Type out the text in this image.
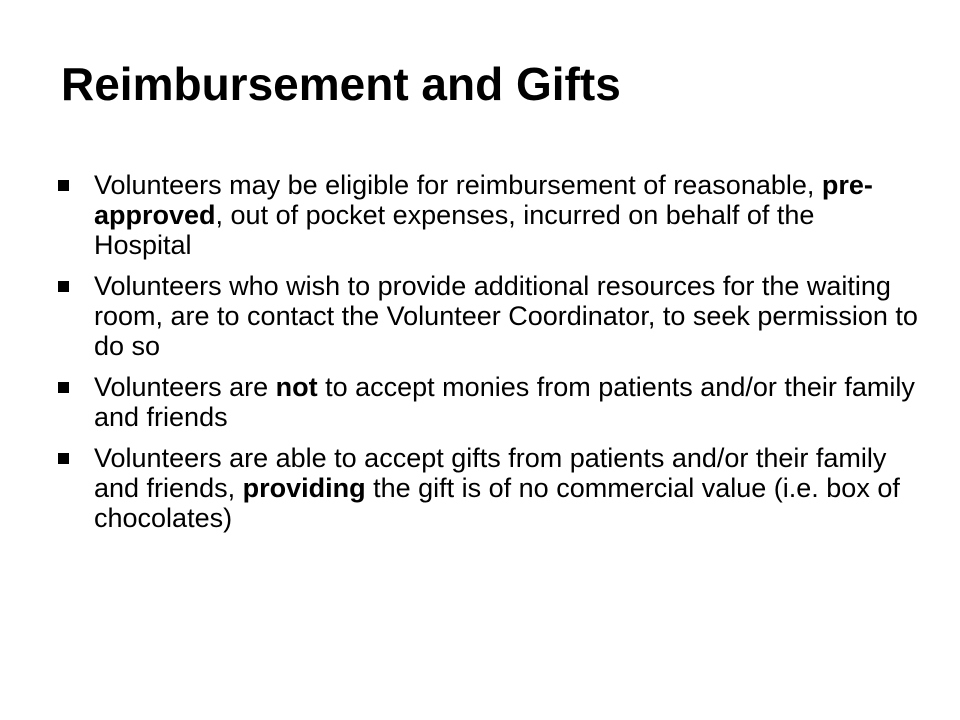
Reimbursement and Gifts
Volunteers may be eligible for reimbursement of reasonable, pre-approved, out of pocket expenses, incurred on behalf of the Hospital
Volunteers who wish to provide additional resources for the waiting room, are to contact the Volunteer Coordinator, to seek permission to do so
Volunteers are not to accept monies from patients and/or their family and friends
Volunteers are able to accept gifts from patients and/or their family and friends, providing the gift is of no commercial value (i.e. box of chocolates)
